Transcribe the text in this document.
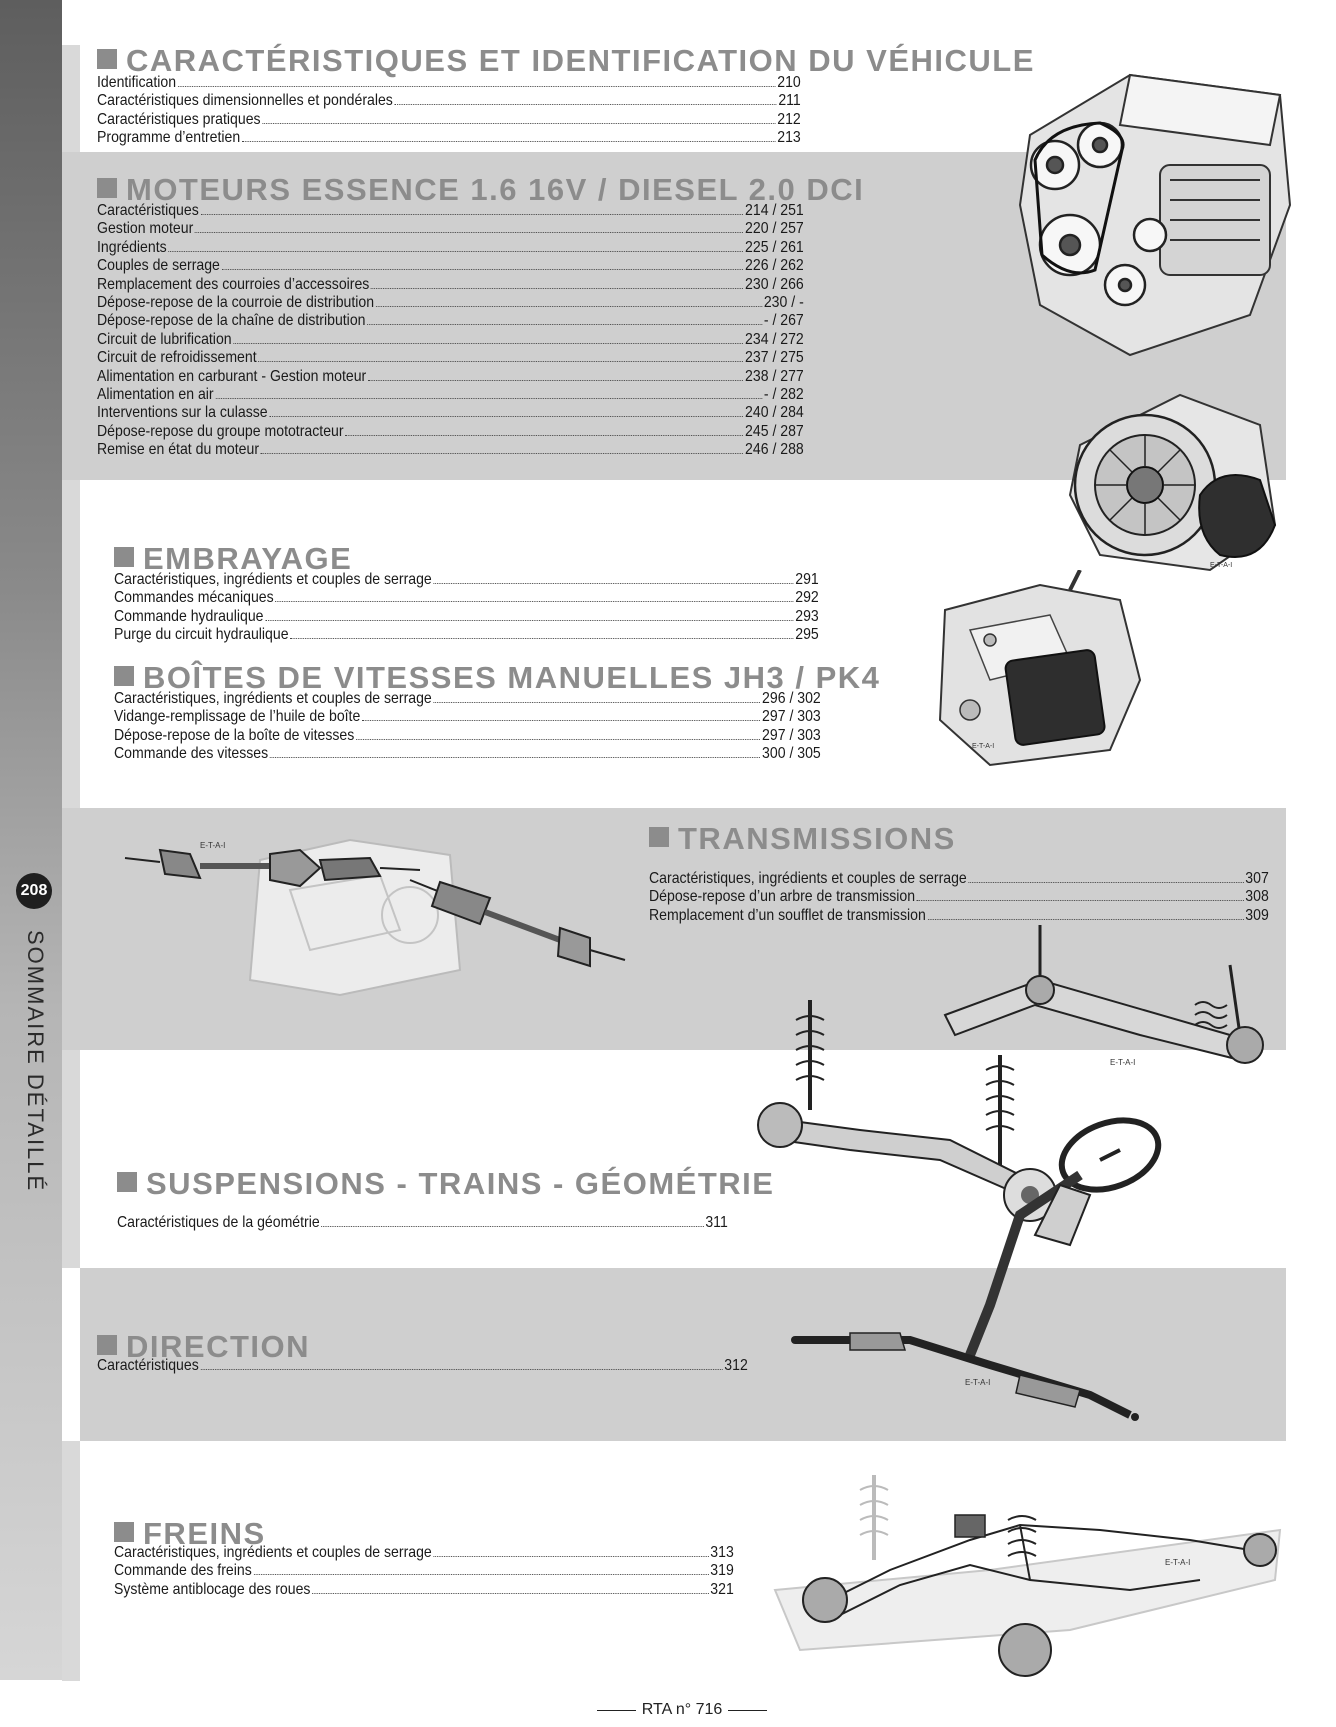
208
SOMMAIRE DÉTAILLÉ
CARACTÉRISTIQUES ET IDENTIFICATION DU VÉHICULE
Identification	210
Caractéristiques dimensionnelles et pondérales	211
Caractéristiques pratiques	212
Programme d’entretien	213
MOTEURS ESSENCE 1.6 16V / DIESEL 2.0 DCI
Caractéristiques	214 / 251
Gestion moteur	220 / 257
Ingrédients	225 / 261
Couples de serrage	226 / 262
Remplacement des courroies d’accessoires	230 / 266
Dépose-repose de la courroie de distribution	230 / -
Dépose-repose de la chaîne de distribution	- / 267
Circuit de lubrification	234 / 272
Circuit de refroidissement	237 / 275
Alimentation en carburant - Gestion moteur	238 / 277
Alimentation en air	- / 282
Interventions sur la culasse	240 / 284
Dépose-repose du groupe mototracteur	245 / 287
Remise en état du moteur	246 / 288
EMBRAYAGE
Caractéristiques, ingrédients et couples de serrage	291
Commandes mécaniques	292
Commande hydraulique	293
Purge du circuit hydraulique	295
BOÎTES DE VITESSES MANUELLES JH3 / PK4
Caractéristiques, ingrédients et couples de serrage	296 / 302
Vidange-remplissage de l’huile de boîte	297 / 303
Dépose-repose de la boîte de vitesses	297 / 303
Commande des vitesses	300 / 305
TRANSMISSIONS
Caractéristiques, ingrédients et couples de serrage	307
Dépose-repose d’un arbre de transmission	308
Remplacement d’un soufflet de transmission	309
SUSPENSIONS - TRAINS - GÉOMÉTRIE
Caractéristiques de la géométrie	311
DIRECTION
Caractéristiques	312
FREINS
Caractéristiques, ingrédients et couples de serrage	313
Commande des freins	319
Système antiblocage des roues	321
E-T-A-I
E-T-A-I
E-T-A-I
E-T-A-I
E-T-A-I
E-T-A-I
RTA n° 716
